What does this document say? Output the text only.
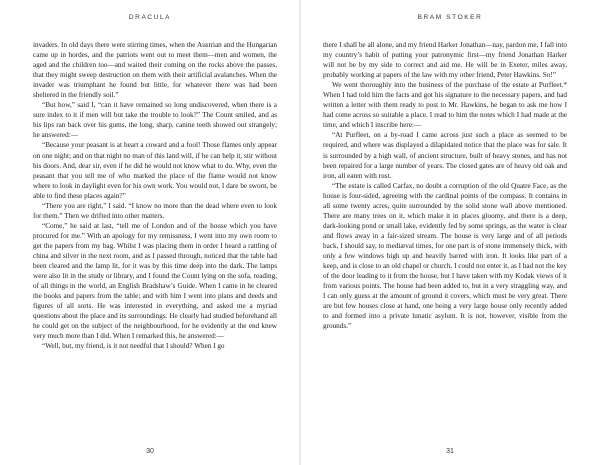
DRACULA

invaders. In old days there were stirring times, when the Austrian and the Hungarian came up in hordes, and the patriots went out to meet them—men and women, the aged and the children too—and waited their coming on the rocks above the passes, that they might sweep destruction on them with their artificial avalanches. When the invader was triumphant he found but little, for whatever there was had been sheltered in the friendly soil.”

“But how,” said I, “can it have remained so long undiscovered, when there is a sure index to it if men will but take the trouble to look?” The Count smiled, and as his lips ran back over his gums, the long, sharp, canine teeth showed out strangely; he answered:—

“Because your peasant is at heart a coward and a fool! Those flames only appear on one night; and on that night no man of this land will, if he can help it, stir without his doors. And, dear sir, even if he did he would not know what to do. Why, even the peasant that you tell me of who marked the place of the flame would not know where to look in daylight even for his own work. You would not, I dare be sworn, be able to find these places again?”

“There you are right,” I said. “I know no more than the dead where even to look for them.” Then we drifted into other matters.

“Come,” he said at last, “tell me of London and of the house which you have procured for me.” With an apology for my remissness, I went into my own room to get the papers from my bag. Whilst I was placing them in order I heard a rattling of china and silver in the next room, and as I passed through, noticed that the table had been cleared and the lamp lit, for it was by this time deep into the dark. The lamps were also lit in the study or library, and I found the Count lying on the sofa, reading, of all things in the world, an English Bradshaw’s Guide. When I came in he cleared the books and papers from the table; and with him I went into plans and deeds and figures of all sorts. He was interested in everything, and asked me a myriad questions about the place and its surroundings. He clearly had studied beforehand all he could get on the subject of the neighbourhood, for he evidently at the end knew very much more than I did. When I remarked this, he answered:—

“Well, but, my friend, is it not needful that I should? When I go

30
BRAM STOKER

there I shall be all alone, and my friend Harker Jonathan—nay, pardon me, I fall into my country’s habit of putting your patronymic first—my friend Jonathan Harker will not be by my side to correct and aid me. He will be in Exeter, miles away, probably working at papers of the law with my other friend, Peter Hawkins. So!”

We went thoroughly into the business of the purchase of the estate at Purfleet.* When I had told him the facts and got his signature to the necessary papers, and had written a letter with them ready to post to Mr. Hawkins, he began to ask me how I had come across so suitable a place. I read to him the notes which I had made at the time, and which I inscribe here:—

“At Purfleet, on a by-road I came across just such a place as seemed to be required, and where was displayed a dilapidated notice that the place was for sale. It is surrounded by a high wall, of ancient structure, built of heavy stones, and has not been repaired for a large number of years. The closed gates are of heavy old oak and iron, all eaten with rust.

“The estate is called Carfax, no doubt a corruption of the old Quatre Face, as the house is four-sided, agreeing with the cardinal points of the compass. It contains in all some twenty acres, quite surrounded by the solid stone wall above mentioned. There are many trees on it, which make it in places gloomy, and there is a deep, dark-looking pond or small lake, evidently fed by some springs, as the water is clear and flows away in a fair-sized stream. The house is very large and of all periods back, I should say, to mediæval times, for one part is of stone immensely thick, with only a few windows high up and heavily barred with iron. It looks like part of a keep, and is close to an old chapel or church. I could not enter it, as I had not the key of the door leading to it from the house, but I have taken with my Kodak views of it from various points. The house had been added to, but in a very straggling way, and I can only guess at the amount of ground it covers, which must be very great. There are but few houses close at hand, one being a very large house only recently added to and formed into a private lunatic asylum. It is not, however, visible from the grounds.”

31
